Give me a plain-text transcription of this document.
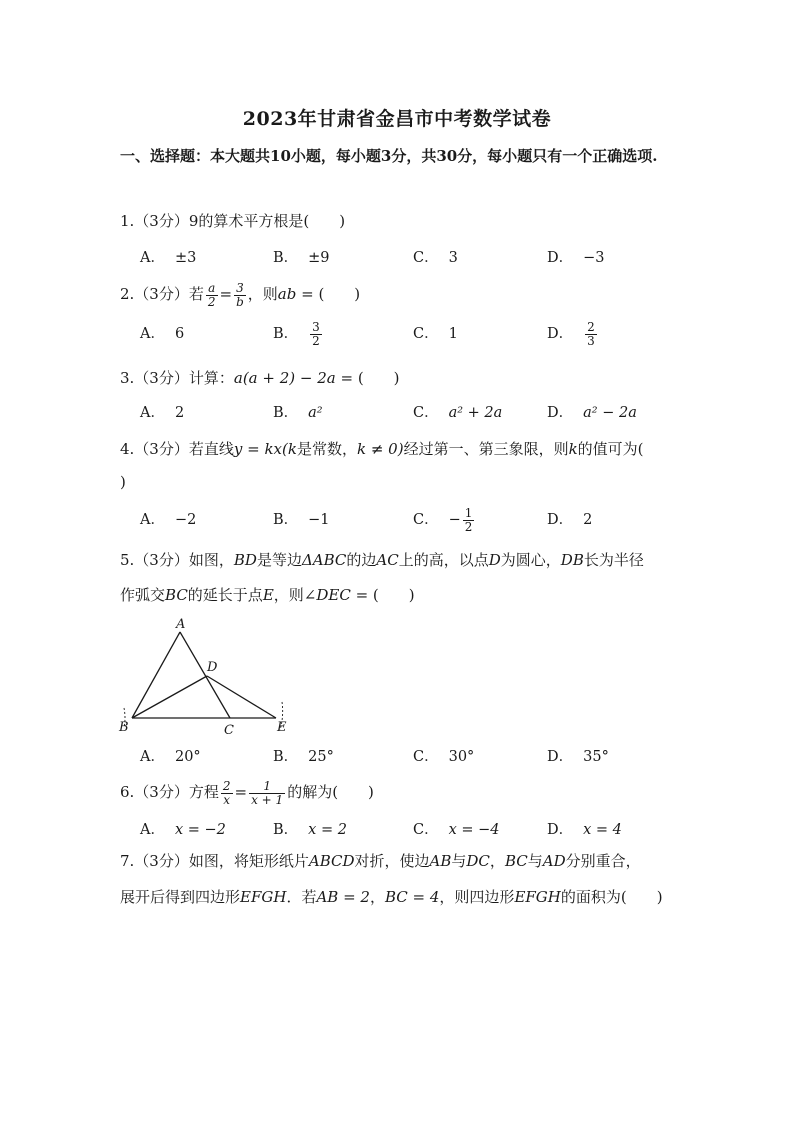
2023年甘肃省金昌市中考数学试卷
一、选择题：本大题共10小题，每小题3分，共30分，每小题只有一个正确选项.
1.（3分）9的算术平方根是(　　)
A． ±3	B． ±9	C． 3	D． −3
2.（3分）若 $\frac{a}{2} = \frac{3}{b}$ ，则ab = (　　)
A． 6	B． $\frac{3}{2}$	C． 1	D． $\frac{2}{3}$
3.（3分）计算：a(a + 2) − 2a = (　　)
A． 2	B． a²	C． a² + 2a	D． a² − 2a
4.（3分）若直线y = kx(k是常数，k ≠ 0)经过第一、第三象限，则k的值可为(
)
A． −2	B． −1	C． − $\frac{1}{2}$	D． 2
5.（3分）如图，BD是等边ΔABC的边AC上的高，以点D为圆心，DB长为半径
作弧交BC的延长于点E，则∠DEC = (　　)
A
D
B	C	E
A． 20°	B． 25°	C． 30°	D． 35°
6.（3分）方程 $\frac{2}{x} = \frac{1}{x + 1}$ 的解为(　　)
A． x = −2	B． x = 2	C． x = −4	D． x = 4
7.（3分）如图，将矩形纸片ABCD对折，使边AB与DC，BC与AD分别重合，
展开后得到四边形EFGH．若AB = 2，BC = 4，则四边形EFGH的面积为(　　)
